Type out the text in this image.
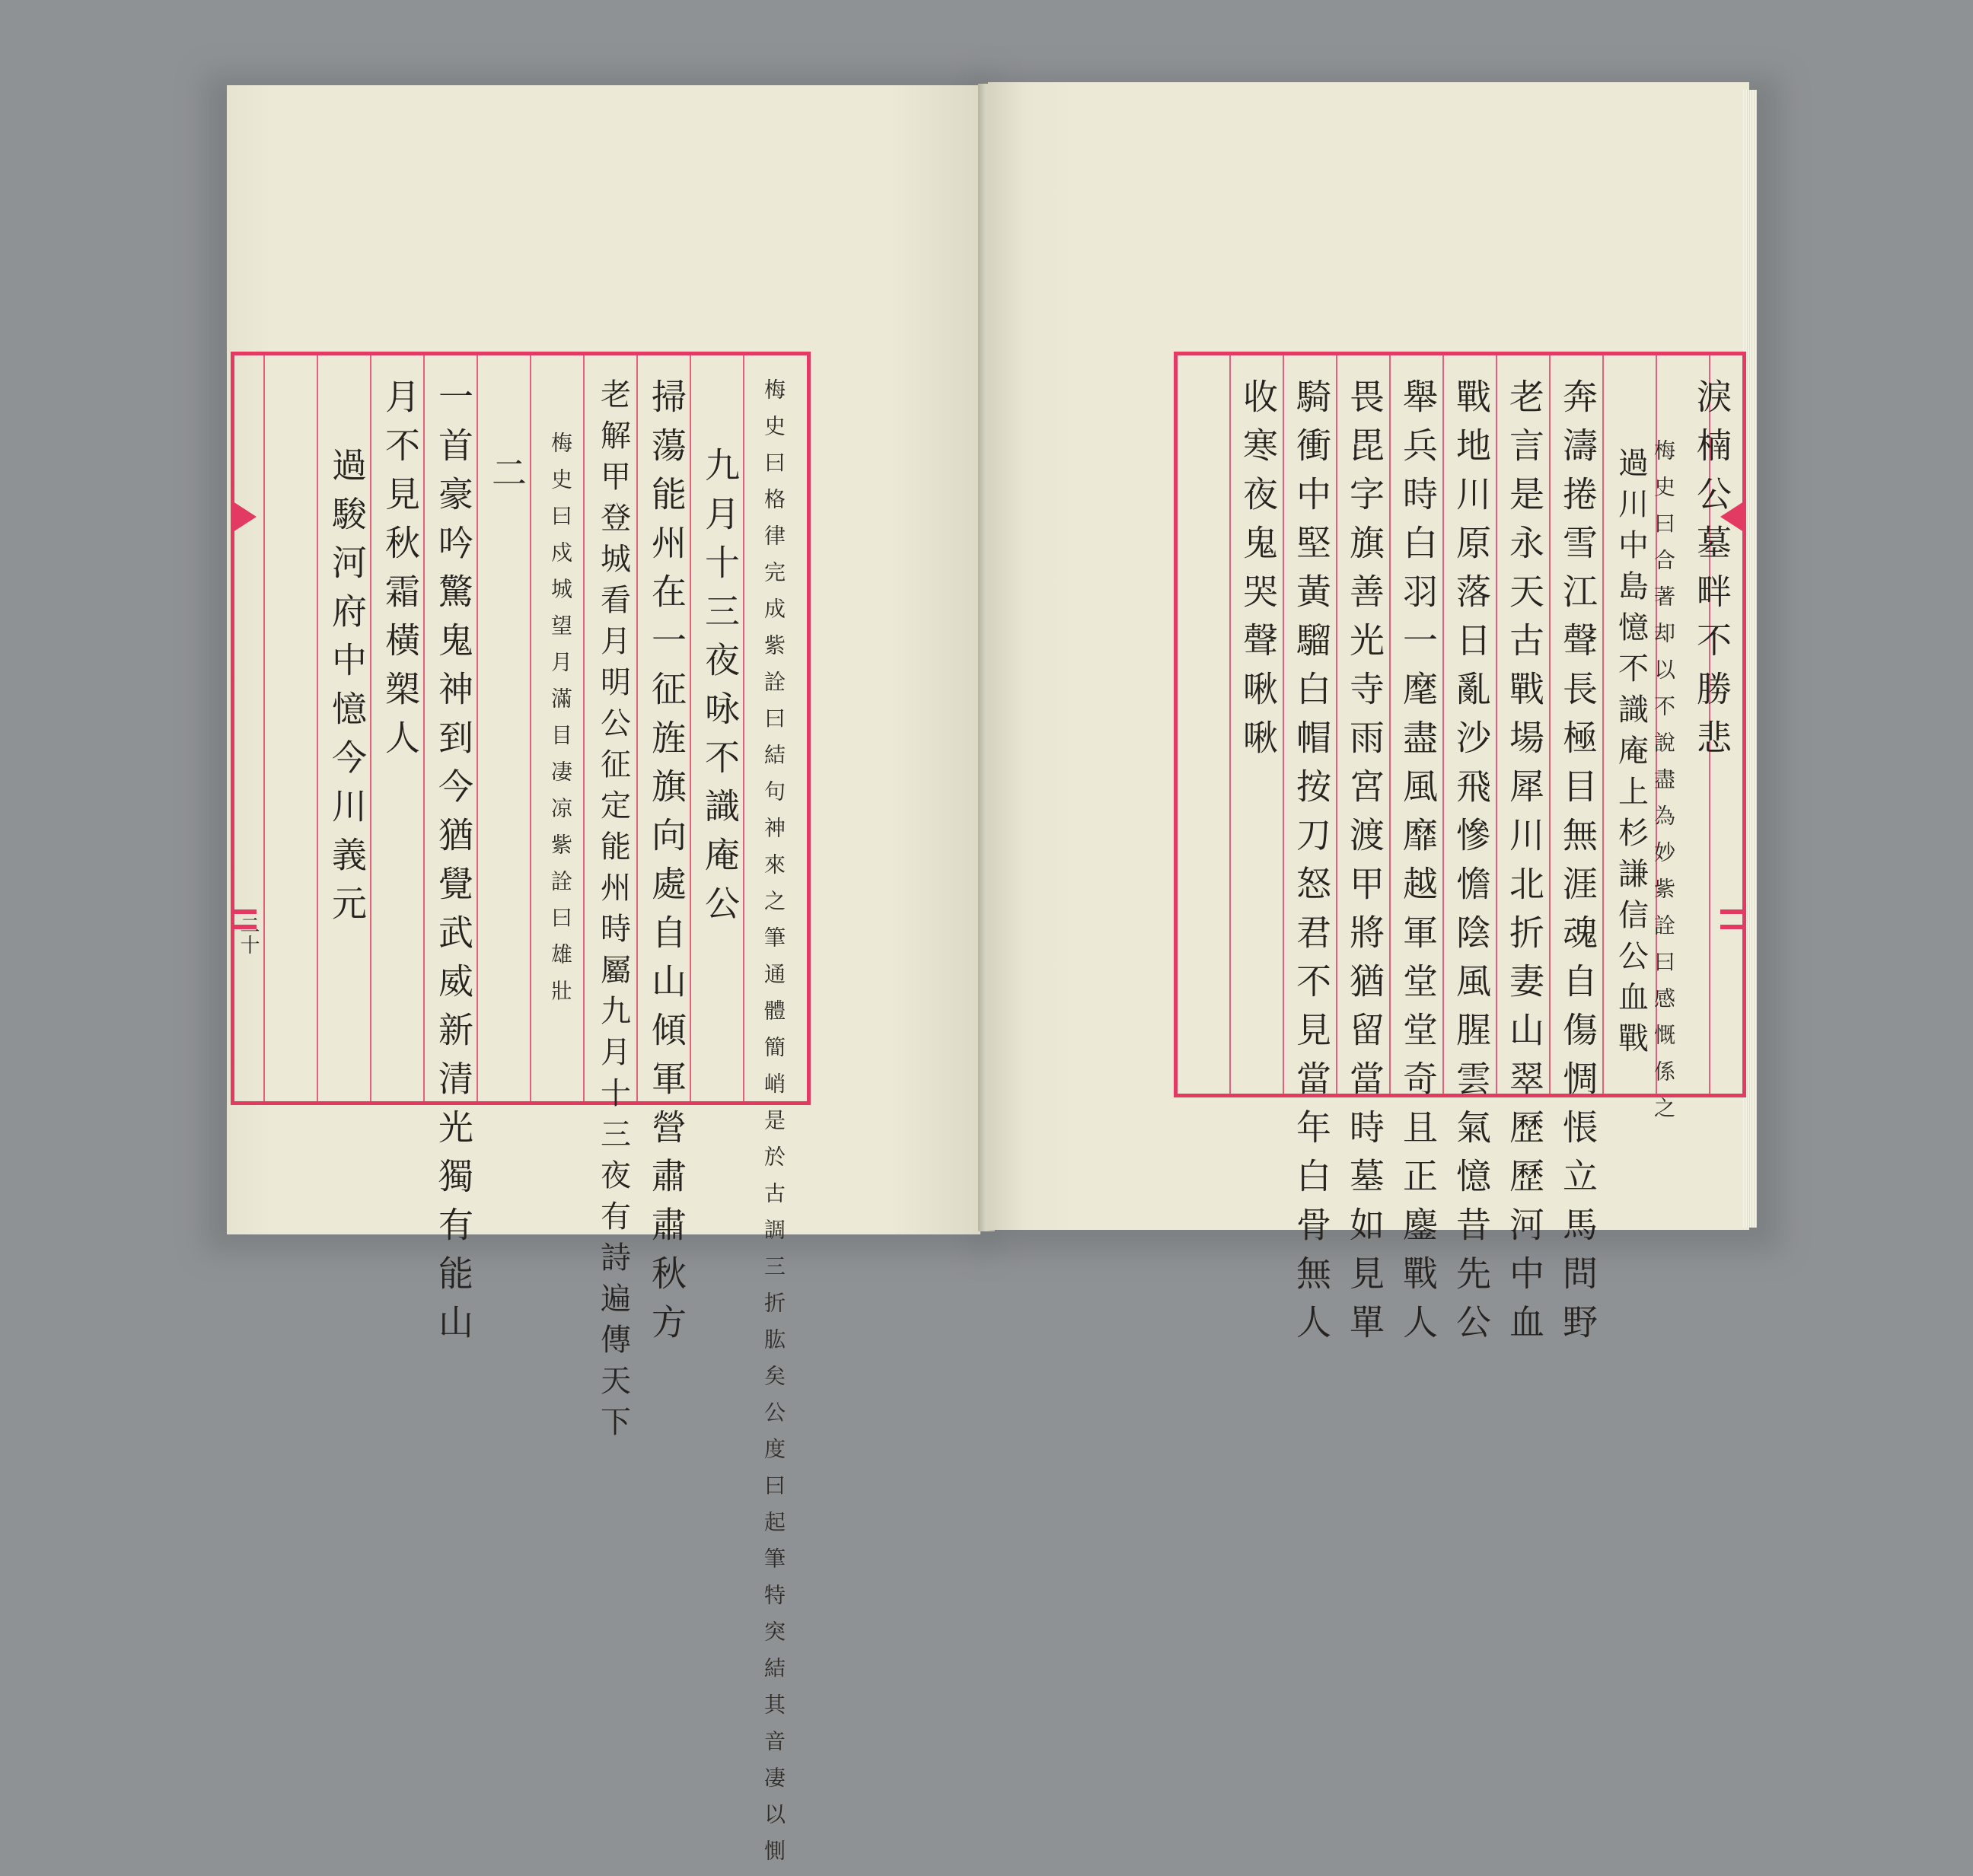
二十	梅史曰格律完成紫詮曰結句神來之筆通體簡峭是於古調三折肱矣公度曰起筆特突結其音凄以惻
九月十三夜咏不識庵公
掃蕩能州在一征旌旗向處自山傾軍營肅肅秋方
老解甲登城看月明公征定能州時屬九月十三夜有詩遍傳天下
梅史曰戍城望月滿目凄凉紫詮曰雄壯
二
一首豪吟驚鬼神到今猶覺武威新清光獨有能山
月不見秋霜橫槊人
過駿河府中憶今川義元	淚楠公墓畔不勝悲
梅史曰合著却以不說盡為妙紫詮曰感慨係之
過川中島憶不識庵上杉謙信公血戰
奔濤捲雪江聲長極目無涯魂自傷惆悵立馬問野
老言是永天古戰場犀川北折妻山翠歷歷河中血
戰地川原落日亂沙飛慘憺陰風腥雲氣憶昔先公
舉兵時白羽一麾盡風靡越軍堂堂奇且正鏖戰人
畏毘字旗善光寺雨宮渡甲將猶留當時墓如見單
騎衝中堅黃騮白帽按刀怒君不見當年白骨無人
收寒夜鬼哭聲啾啾
